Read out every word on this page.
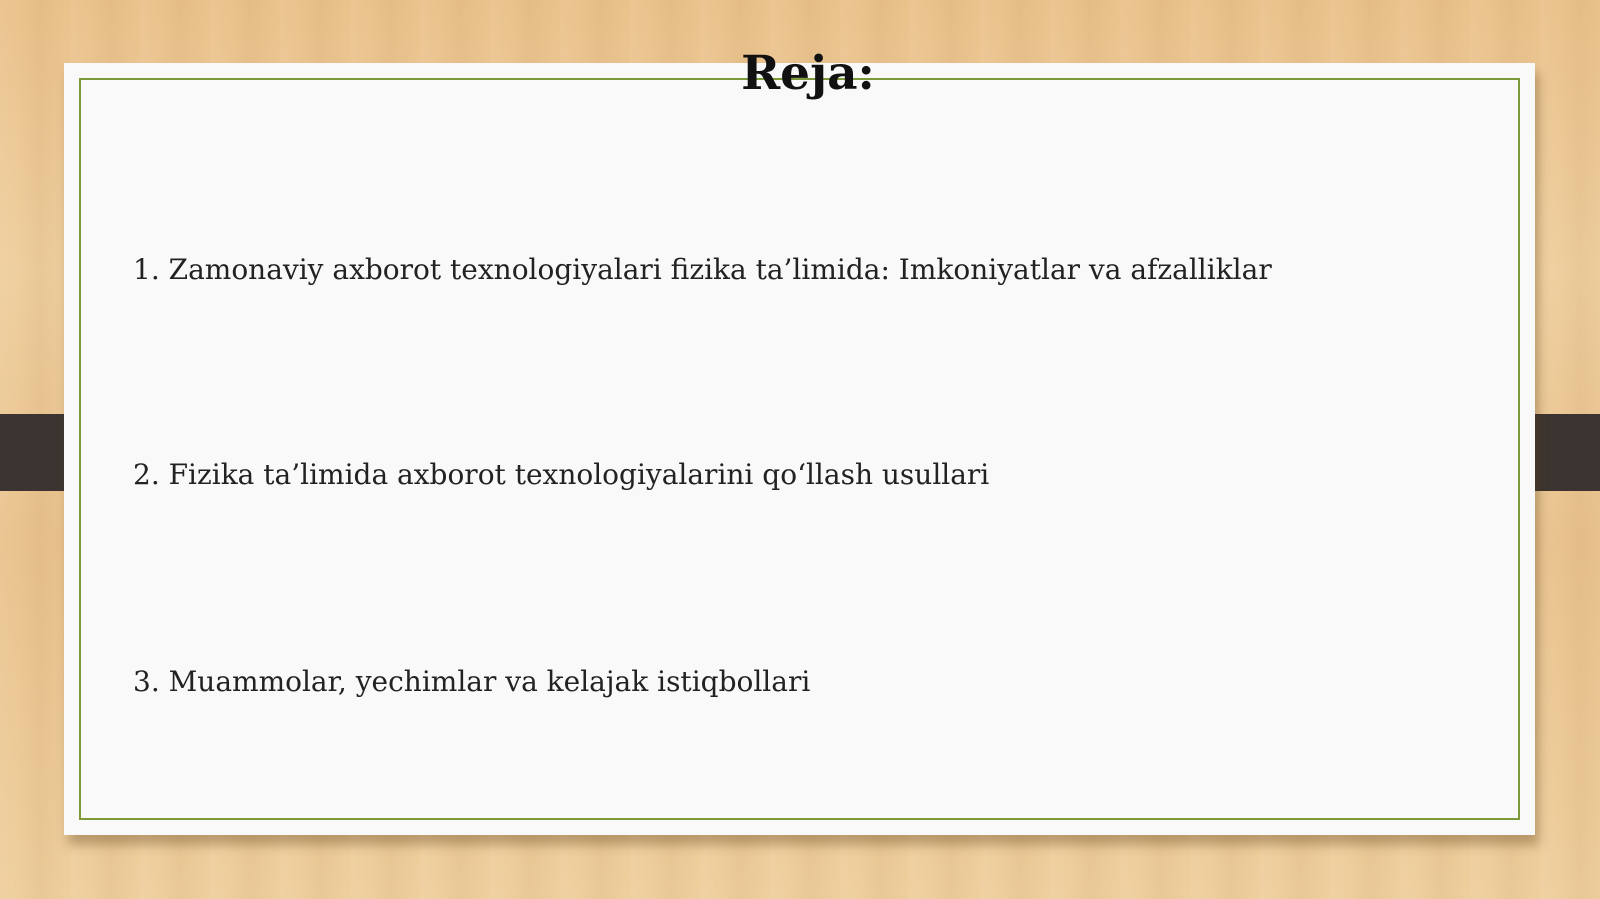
Reja:

1. Zamonaviy axborot texnologiyalari fizika ta’limida: Imkoniyatlar va afzalliklar

2. Fizika ta’limida axborot texnologiyalarini qo‘llash usullari

3. Muammolar, yechimlar va kelajak istiqbollari
